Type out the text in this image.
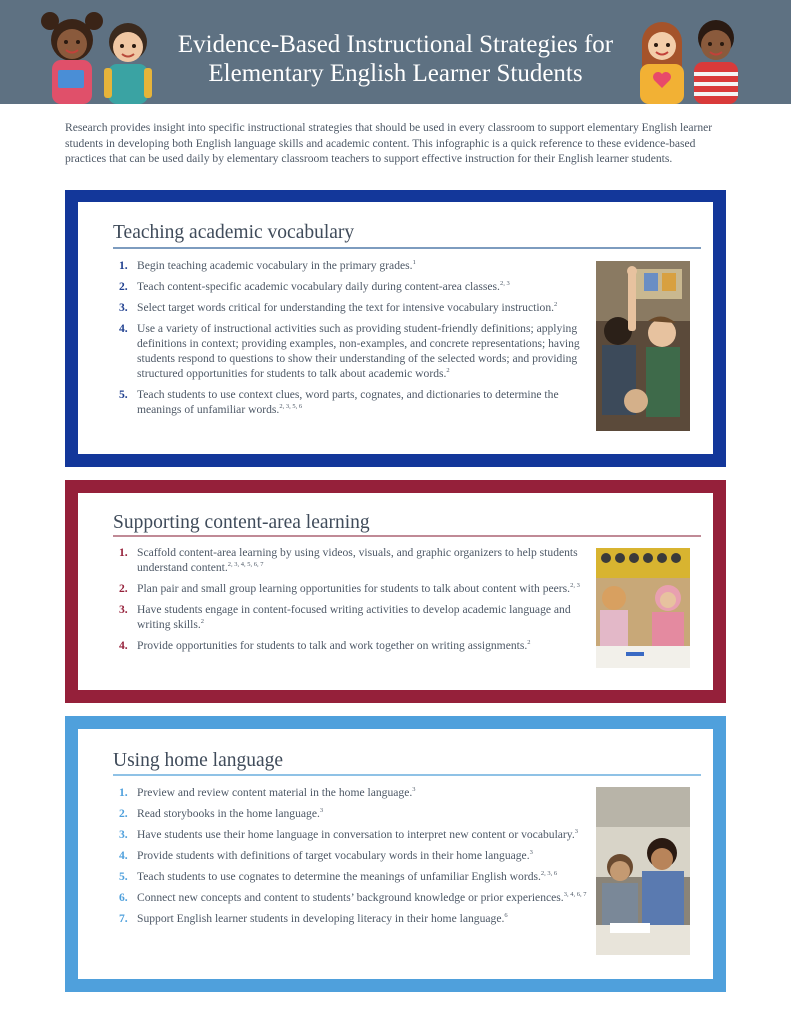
Evidence-Based Instructional Strategies for
Elementary English Learner Students
Research provides insight into specific instructional strategies that should be used in every classroom to support elementary English learner students in developing both English language skills and academic content. This infographic is a quick reference to these evidence-based practices that can be used daily by elementary classroom teachers to support effective instruction for their English learner students.
Teaching academic vocabulary
1. Begin teaching academic vocabulary in the primary grades.$^1$
2. Teach content-specific academic vocabulary daily during content-area classes.$^{2, 3}$
3. Select target words critical for understanding the text for intensive vocabulary instruction.$^2$
4. Use a variety of instructional activities such as providing student-friendly definitions; applying definitions in context; providing examples, non-examples, and concrete representations; having students respond to questions to show their understanding of the selected words; and providing structured opportunities for students to talk about academic words.$^2$
5. Teach students to use context clues, word parts, cognates, and dictionaries to determine the meanings of unfamiliar words.$^{2, 3, 5, 6}$
Supporting content-area learning
1. Scaffold content-area learning by using videos, visuals, and graphic organizers to help students understand content.$^{2, 3, 4, 5, 6, 7}$
2. Plan pair and small group learning opportunities for students to talk about content with peers.$^{2, 3}$
3. Have students engage in content-focused writing activities to develop academic language and writing skills.$^2$
4. Provide opportunities for students to talk and work together on writing assignments.$^2$
Using home language
1. Preview and review content material in the home language.$^3$
2. Read storybooks in the home language.$^3$
3. Have students use their home language in conversation to interpret new content or vocabulary.$^3$
4. Provide students with definitions of target vocabulary words in their home language.$^3$
5. Teach students to use cognates to determine the meanings of unfamiliar English words.$^{2, 3, 6}$
6. Connect new concepts and content to students’ background knowledge or prior experiences.$^{3, 4, 6, 7}$
7. Support English learner students in developing literacy in their home language.$^6$
